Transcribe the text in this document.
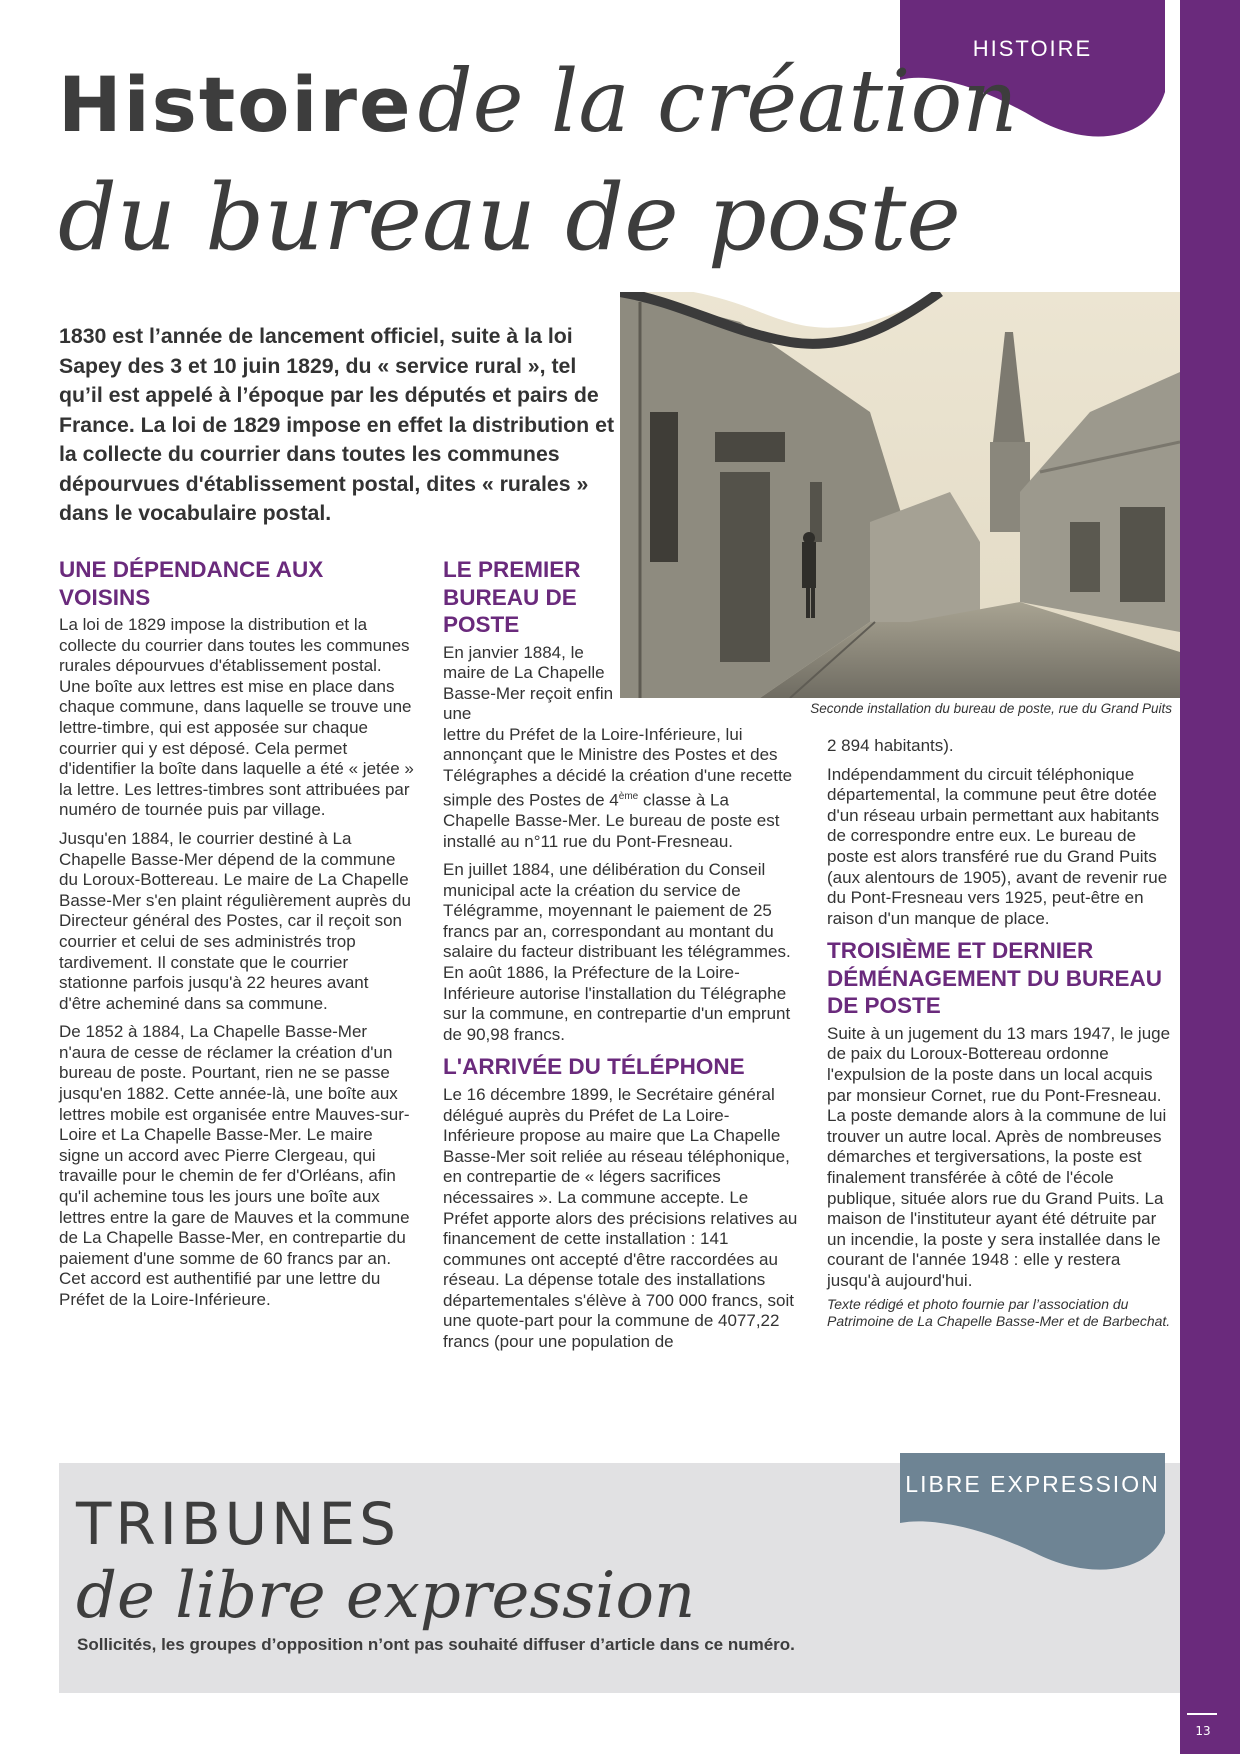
13
HISTOIRE
Histoire de la création
du bureau de poste
Seconde installation du bureau de poste, rue du Grand Puits
1830 est l’année de lancement officiel, suite à la loi Sapey des 3 et 10 juin 1829, du « service rural », tel qu’il est appelé à l’époque par les députés et pairs de France. La loi de 1829 impose en effet la distribution et la collecte du courrier dans toutes les communes dépourvues d'établissement postal, dites « rurales » dans le vocabulaire postal.
UNE DÉPENDANCE AUX VOISINS

La loi de 1829 impose la distribution et la collecte du courrier dans toutes les communes rurales dépourvues d'établissement postal. Une boîte aux lettres est mise en place dans chaque commune, dans laquelle se trouve une lettre-timbre, qui est apposée sur chaque courrier qui y est déposé. Cela permet d'identifier la boîte dans laquelle a été « jetée » la lettre. Les lettres-timbres sont attribuées par numéro de tournée puis par village.

Jusqu'en 1884, le courrier destiné à La Chapelle Basse-Mer dépend de la commune du Loroux-Bottereau. Le maire de La Chapelle Basse-Mer s'en plaint régulièrement auprès du Directeur général des Postes, car il reçoit son courrier et celui de ses administrés trop tardivement. Il constate que le courrier stationne parfois jusqu'à 22 heures avant d'être acheminé dans sa commune.

De 1852 à 1884, La Chapelle Basse-Mer n'aura de cesse de réclamer la création d'un bureau de poste. Pourtant, rien ne se passe jusqu'en 1882. Cette année-là, une boîte aux lettres mobile est organisée entre Mauves-sur-Loire et La Chapelle Basse-Mer. Le maire signe un accord avec Pierre Clergeau, qui travaille pour le chemin de fer d'Orléans, afin qu'il achemine tous les jours une boîte aux lettres entre la gare de Mauves et la commune de La Chapelle Basse-Mer, en contrepartie du paiement d'une somme de 60 francs par an. Cet accord est authentifié par une lettre du Préfet de la Loire-Inférieure.

LE PREMIER BUREAU DE POSTE

En janvier 1884, le maire de La Chapelle Basse-Mer reçoit enfin une

lettre du Préfet de la Loire-Inférieure, lui annonçant que le Ministre des Postes et des Télégraphes a décidé la création d'une recette simple des Postes de 4ème classe à La Chapelle Basse-Mer. Le bureau de poste est installé au n°11 rue du Pont-Fresneau.

En juillet 1884, une délibération du Conseil municipal acte la création du service de Télégramme, moyennant le paiement de 25 francs par an, correspondant au montant du salaire du facteur distribuant les télégrammes. En août 1886, la Préfecture de la Loire-Inférieure autorise l'installation du Télégraphe sur la commune, en contrepartie d'un emprunt de 90,98 francs.

L'ARRIVÉE DU TÉLÉPHONE

Le 16 décembre 1899, le Secrétaire général délégué auprès du Préfet de La Loire-Inférieure propose au maire que La Chapelle Basse-Mer soit reliée au réseau téléphonique, en contrepartie de « légers sacrifices nécessaires ». La commune accepte. Le Préfet apporte alors des précisions relatives au financement de cette installation : 141 communes ont accepté d'être raccordées au réseau. La dépense totale des installations départementales s'élève à 700 000 francs, soit une quote-part pour la commune de 4077,22 francs (pour une population de

2 894 habitants).

Indépendamment du circuit téléphonique départemental, la commune peut être dotée d'un réseau urbain permettant aux habitants de correspondre entre eux. Le bureau de poste est alors transféré rue du Grand Puits (aux alentours de 1905), avant de revenir rue du Pont-Fresneau vers 1925, peut-être en raison d'un manque de place.

TROISIÈME ET DERNIER DÉMÉNAGEMENT DU BUREAU DE POSTE

Suite à un jugement du 13 mars 1947, le juge de paix du Loroux-Bottereau ordonne l'expulsion de la poste dans un local acquis par monsieur Cornet, rue du Pont-Fresneau. La poste demande alors à la commune de lui trouver un autre local. Après de nombreuses démarches et tergiversations, la poste est finalement transférée à côté de l'école publique, située alors rue du Grand Puits. La maison de l'instituteur ayant été détruite par un incendie, la poste y sera installée dans le courant de l'année 1948 : elle y restera jusqu'à aujourd'hui.

Texte rédigé et photo fournie par l’association du Patrimoine de La Chapelle Basse-Mer et de Barbechat.

LIBRE EXPRESSION
TRIBUNES
de libre expression
Sollicités, les groupes d’opposition n’ont pas souhaité diffuser d’article dans ce numéro.
